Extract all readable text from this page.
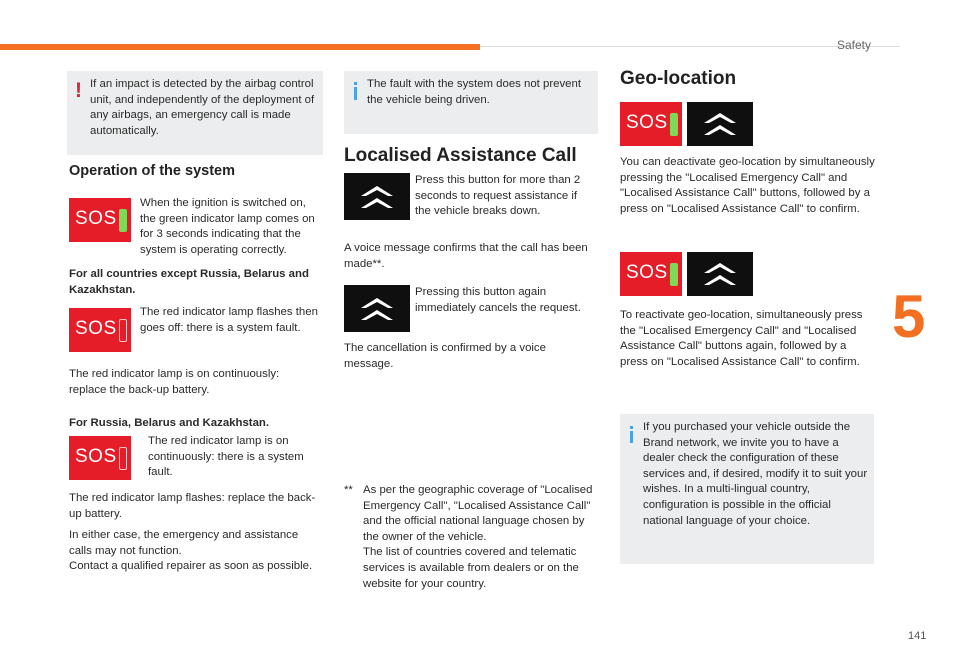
Safety
! If an impact is detected by the airbag control unit, and independently of the deployment of any airbags, an emergency call is made automatically.
Operation of the system
SOS
When the ignition is switched on, the green indicator lamp comes on for 3 seconds indicating that the system is operating correctly.
For all countries except Russia, Belarus and Kazakhstan.
SOS
The red indicator lamp flashes then goes off: there is a system fault.
The red indicator lamp is on continuously: replace the back-up battery.
For Russia, Belarus and Kazakhstan.
SOS
The red indicator lamp is on continuously: there is a system fault.
The red indicator lamp flashes: replace the back-up battery.
In either case, the emergency and assistance calls may not function.
Contact a qualified repairer as soon as possible.
The fault with the system does not prevent the vehicle being driven.
Localised Assistance Call
Press this button for more than 2 seconds to request assistance if the vehicle breaks down.
A voice message confirms that the call has been made**.
Pressing this button again immediately cancels the request.
The cancellation is confirmed by a voice message.
** As per the geographic coverage of "Localised Emergency Call", "Localised Assistance Call" and the official national language chosen by the owner of the vehicle.
The list of countries covered and telematic services is available from dealers or on the website for your country.
Geo-location
SOS
You can deactivate geo-location by simultaneously pressing the "Localised Emergency Call" and "Localised Assistance Call" buttons, followed by a press on "Localised Assistance Call" to confirm.
SOS
To reactivate geo-location, simultaneously press the "Localised Emergency Call" and "Localised Assistance Call" buttons again, followed by a press on "Localised Assistance Call" to confirm.
If you purchased your vehicle outside the Brand network, we invite you to have a dealer check the configuration of these services and, if desired, modify it to suit your wishes. In a multi-lingual country, configuration is possible in the official national language of your choice.
5
141
